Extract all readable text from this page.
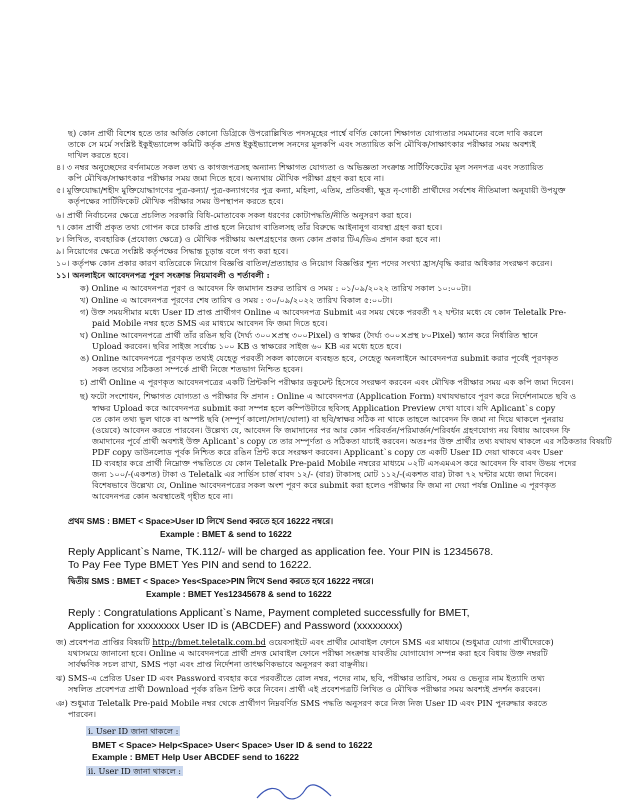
ছ) কোন প্রার্থী বিশেষ হতে তার অর্জিত কোনো ডিগ্রিকে উপরোল্লিখিত পদসমূহের পার্শ্বে বর্ণিত কোনো শিক্ষাগত যোগ্যতার সমমানের বলে দাবি করলে
তাকে সে মর্মে সংশ্লিষ্ট ইকুইভ্যালেন্স কমিটি কর্তৃক প্রদত্ত ইকুইভ্যালেন্স সনদের মূলকপি এবং সত্যায়িত কপি মৌখিক/সাক্ষাৎকার পরীক্ষার সময় অবশ্যই
দাখিল করতে হবে।
৪। ৩ নম্বর অনুচ্ছেদের বর্ণনামতে সকল তথ্য ও কাগজপত্রসহ অন্যান্য শিক্ষাগত যোগ্যতা ও অভিজ্ঞতা সংক্রান্ত সার্টিফিকেটের মূল সনদপত্র এবং সত্যায়িত
কপি মৌখিক/সাক্ষাৎকার পরীক্ষার সময় জমা দিতে হবে। অন্যথায় মৌখিক পরীক্ষা গ্রহণ করা হবে না।
৫। মুক্তিযোদ্ধা/শহীদ মুক্তিযোদ্ধাগণের পুত্র-কন্যা/ পুত্র-কন্যাগণের পুত্র কন্যা, মহিলা, এতিম, প্রতিবন্ধী, ক্ষুদ্র নৃ-গোষ্ঠী প্রার্থীদের সর্বশেষ নীতিমালা অনুযায়ী উপযুক্ত
কর্তৃপক্ষের সার্টিফিকেট মৌখিক পরীক্ষার সময় উপস্থাপন করতে হবে।
৬। প্রার্থী নির্বাচনের ক্ষেত্রে প্রচলিত সরকারি বিধি-মোতাবেক সকল ধরণের কোটাপদ্ধতি/নীতি অনুসরণ করা হবে।
৭। কোন প্রার্থী প্রকৃত তথ্য গোপন করে চাকরি প্রাপ্ত হলে নিয়োগ বাতিলসহ তাঁর বিরুদ্ধে আইনানুগ ব্যবস্থা গ্রহণ করা হবে।
৮। লিখিত, ব্যবহারিক (প্রযোজ্য ক্ষেত্রে) ও মৌখিক পরীক্ষায় অংশগ্রহণের জন্য কোন প্রকার টিএ/ডিএ প্রদান করা হবে না।
৯। নিয়োগের ক্ষেত্রে সংশ্লিষ্ট কর্তৃপক্ষের সিদ্ধান্ত চূড়ান্ত বলে গণ্য করা হবে।
১০। কর্তৃপক্ষ কোন প্রকার কারণ ব্যতিরেকে নিয়োগ বিজ্ঞপ্তি বাতিল/প্রত্যাহার ও নিয়োগ বিজ্ঞপ্তির শূন্য পদের সংখ্যা হ্রাস/বৃদ্ধি করার অধিকার সংরক্ষণ করেন।
১১। অনলাইনে আবেদনপত্র পূরণ সংক্রান্ত নিয়মাবলী ও শর্তাবলী :
ক) Online এ আবেদনপত্র পূরণ ও আবেদন ফি জমাদান শুরুর তারিখ ও সময় : ০১/০৯/২০২২ তারিখ সকাল ১০:০০টা।
খ) Online এ আবেদনপত্র পূরণের শেষ তারিখ ও সময় : ৩০/০৯/২০২২ তারিখ বিকাল ৫:০০টা।
গ) উক্ত সময়সীমার মধ্যে User ID প্রাপ্ত প্রার্থীগণ Online এ আবেদনপত্র Submit এর সময় থেকে পরবর্তী ৭২ ঘন্টার মধ্যে যে কোন Teletalk Pre-
paid Mobile নম্বর হতে SMS এর মাধ্যমে আবেদন ফি জমা দিতে হবে।
ঘ) Online আবেদনপত্রে প্রার্থী তাঁর রঙিন ছবি (দৈর্ঘ্য ৩০০×প্রস্থ ৩০০Pixel) ও স্বাক্ষর (দৈর্ঘ্য ৩০০×প্রস্থ ৮০Pixel) স্ক্যান করে নির্ধারিত স্থানে
Upload করবেন। ছবির সাইজ সর্বোচ্চ ১০০ KB ও স্বাক্ষরের সাইজ ৬০ KB এর মধ্যে হতে হবে।
ঙ) Online আবেদনপত্রে পূরণকৃত তথ্যই যেহেতু পরবর্তী সকল কাজেনে ব্যবহৃত হবে, সেহেতু অনলাইনে আবেদনপত্র submit করার পূর্বেই পূরণকৃত
সকল তথ্যের সঠিকতা সম্পর্কে প্রার্থী নিজে শতভাগ নিশ্চিত হবেন।
চ) প্রার্থী Online এ পূরণকৃত আবেদনপত্রের একটি প্রিন্টকপি পরীক্ষার ডকুমেন্ট হিসেবে সংরক্ষণ করবেন এবং মৌখিক পরীক্ষার সময় এক কপি জমা দিবেন।
ছ) ফটো সংশোধন, শিক্ষাগত যোগ্যতা ও পরীক্ষার ফি প্রদান : Online এ আবেদনপত্র (Application Form) যথাযথভাবে পূরণ করে নির্দেশনামতে ছবি ও
স্বাক্ষর Upload করে আবেদনপত্র submit করা সম্পন্ন হলে কম্পিউটারে ছবিসহ Application Preview দেখা যাবে। যদি Aplicant`s copy
তে কোন তথ্য ভুল থাকে বা অস্পষ্ট ছবি (সম্পূর্ণ কালো/সাদা/ঘোলা) বা ছবি/স্বাক্ষর সঠিক না থাকে তাহলে আবেদন ফি জমা না দিয়ে থাকলে পুনরায়
(ওয়েবে) আবেদন করতে পারবেন। উল্লেখ্য যে, আবেদন ফি জমাদানের পর আর কোন পরিবর্তন/পরিমার্জন/পরিবর্ধন গ্রহণযোগ্য নয় বিধায় আবেদন ফি
জমাদানের পূর্বে প্রার্থী অবশ্যই উক্ত Aplicant`s copy তে তার সম্পূর্ণতা ও সঠিকতা যাচাই করবেন। অতঃপর উক্ত প্রার্থীর তথ্য যথাযথ থাকলে এর সঠিকতার বিষয়টি
PDF copy ডাউনলোড পূর্বক নিশ্চিত করে রঙিন প্রিন্ট করে সংরক্ষণ করবেন। Applicant`s copy তে একটি User ID দেয়া থাকবে এবং User
ID ব্যবহার করে প্রার্থী নিম্নোক্ত পদ্ধতিতে যে কোন Teletalk Pre-paid Mobile নম্বরের মাধ্যমে ০২টি এসএমএস করে আবেদন ফি বাবদ উভয় পদের
জন্য ১০০/-(একশত) টাকা ও Teletalk এর সার্ভিস চার্জ বাবদ ১২/- (বার) টাকাসহ মোট ১১২/-(একশত বার) টাকা ৭২ ঘন্টার মধ্যে জমা দিবেন।
বিশেষভাবে উল্লেখ্য যে, Online আবেদনপত্রের সকল অংশ পূরণ করে submit করা হলেও পরীক্ষার ফি জমা না দেয়া পর্যন্ত Online এ পূরণকৃত
আবেদনপত্র কোন অবস্থাতেই গৃহীত হবে না।
প্রথম SMS : BMET < Space>User ID লিখে Send করতে হবে 16222 নম্বরে।
Example : BMET & send to 16222
Reply Applicant`s Name, TK.112/- will be charged as application fee. Your PIN is 12345678.
To Pay Fee Type BMET Yes PIN and send to 16222.
দ্বিতীয় SMS : BMET < Space> Yes<Space>PIN লিখে Send করতে হবে 16222 নম্বরে।
Example : BMET Yes12345678 & send to 16222
Reply : Congratulations Applicant`s Name, Payment completed successfully for BMET,
Application for xxxxxxxx User ID is (ABCDEF) and Password (xxxxxxxx)
জ) প্রবেশপত্র প্রাপ্তির বিষয়টি http://bmet.teletalk.com.bd ওয়েবসাইটে এবং প্রার্থীর মোবাইল ফোনে SMS এর মাধ্যমে (শুধুমাত্র যোগ্য প্রার্থীদেরকে)
যথাসময়ে জানানো হবে। Online এ আবেদনপত্রে প্রার্থী প্রদত্ত মোবাইল ফোনে পরীক্ষা সংক্রান্ত যাবতীয় যোগাযোগ সম্পন্ন করা হবে বিধায় উক্ত নম্বরটি
সার্বক্ষণিক সচল রাখা, SMS পড়া এবং প্রাপ্ত নির্দেশনা তাৎক্ষণিকভাবে অনুসরণ করা বাঞ্ছনীয়।
ঝ) SMS-এ প্রেরিত User ID এবং Password ব্যবহার করে পরবর্তীতে রোল নম্বর, পদের নাম, ছবি, পরীক্ষার তারিখ, সময় ও ভেন্যুর নাম ইত্যাদি তথ্য
সম্বলিত প্রবেশপত্র প্রার্থী Download পূর্বক রঙিন প্রিন্ট করে নিবেন। প্রার্থী এই প্রবেশপত্রটি লিখিত ও মৌখিক পরীক্ষার সময় অবশ্যই প্রদর্শন করবেন।
ঞ) শুধুমাত্র Teletalk Pre-paid Mobile নম্বর থেকে প্রার্থীগণ নিম্নবর্ণিত SMS পদ্ধতি অনুসরণ করে নিজ নিজ User ID এবং PIN পুনরুদ্ধার করতে
পারবেন।
i. User ID জানা থাকলে :
BMET < Space> Help<Space> User< Space> User ID & send to 16222
Example : BMET Help User ABCDEF send to 16222
ii. User ID জানা থাকলে :
